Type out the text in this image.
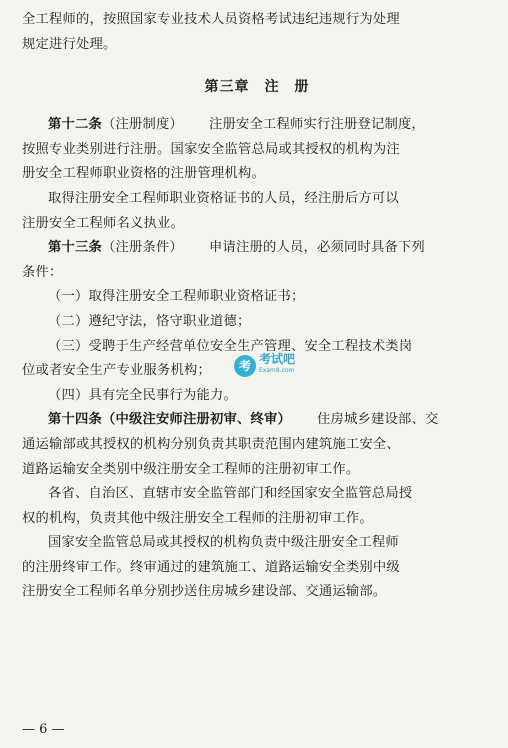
全工程师的，按照国家专业技术人员资格考试违纪违规行为处理
规定进行处理。
第三章　注　册
第十二条（注册制度） 注册安全工程师实行注册登记制度，
按照专业类别进行注册。国家安全监管总局或其授权的机构为注
册安全工程师职业资格的注册管理机构。
取得注册安全工程师职业资格证书的人员，经注册后方可以
注册安全工程师名义执业。
第十三条（注册条件） 申请注册的人员，必须同时具备下列
条件：
（一）取得注册安全工程师职业资格证书；
（二）遵纪守法，恪守职业道德；
（三）受聘于生产经营单位安全生产管理、安全工程技术类岗
位或者安全生产专业服务机构；
（四）具有完全民事行为能力。
第十四条（中级注安师注册初审、终审） 住房城乡建设部、交
通运输部或其授权的机构分别负责其职责范围内建筑施工安全、
道路运输安全类别中级注册安全工程师的注册初审工作。
各省、自治区、直辖市安全监管部门和经国家安全监管总局授
权的机构，负责其他中级注册安全工程师的注册初审工作。
国家安全监管总局或其授权的机构负责中级注册安全工程师
的注册终审工作。终审通过的建筑施工、道路运输安全类别中级
注册安全工程师名单分别抄送住房城乡建设部、交通运输部。
考 考试吧
Exam8.com
— 6 —
